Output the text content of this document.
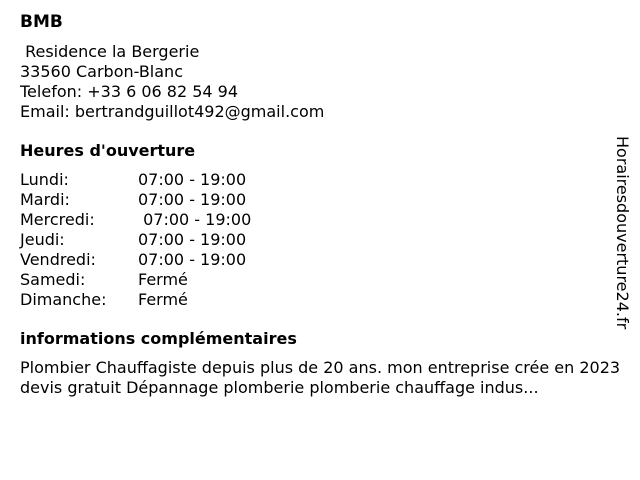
BMB
Residence la Bergerie
33560 Carbon-Blanc
Telefon: +33 6 06 82 54 94
Email: bertrandguillot492@gmail.com
Heures d'ouverture
Lundi:	07:00 - 19:00
Mardi:	07:00 - 19:00
Mercredi:	07:00 - 19:00
Jeudi:	07:00 - 19:00
Vendredi:	07:00 - 19:00
Samedi:	Fermé
Dimanche:	Fermé
informations complémentaires
Plombier Chauffagiste depuis plus de 20 ans. mon entreprise crée en 2023 devis gratuit Dépannage plomberie plomberie chauffage indus...
Horairesdouverture24.fr
